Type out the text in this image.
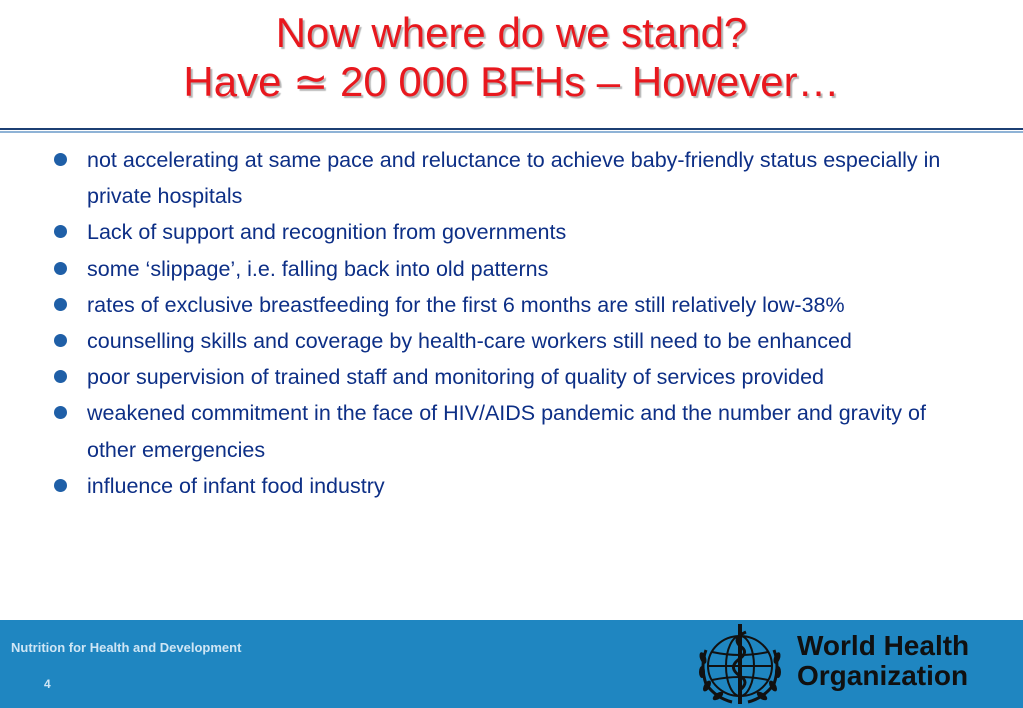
Now where do we stand?
Have ≃ 20 000 BFHs – However…
not accelerating at same pace and reluctance to achieve baby-friendly status especially in private hospitals
Lack of support and recognition from governments
some ‘slippage’, i.e. falling back into old patterns
rates of exclusive breastfeeding for the first 6 months are still relatively low-38%
counselling skills and coverage by health-care workers still need to be enhanced
poor supervision of trained staff and monitoring of quality of services provided
weakened commitment in the face of HIV/AIDS pandemic and the number and gravity of other emergencies
influence of infant food industry
Nutrition for Health and Development
4
World Health
Organization
